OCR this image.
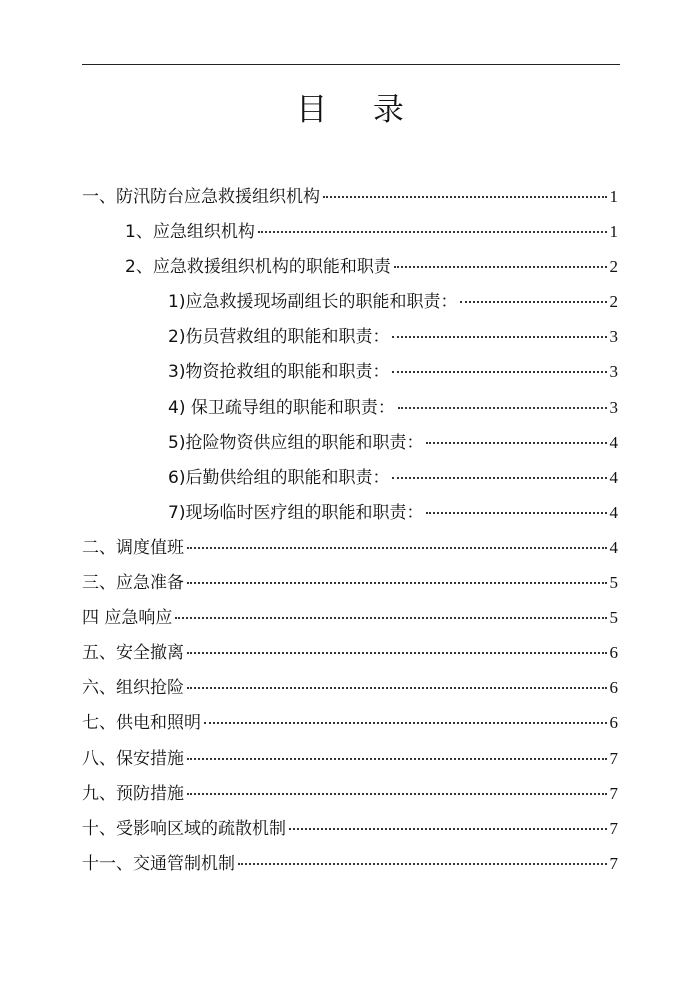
目 录
一、防汛防台应急救援组织机构	1
1、应急组织机构	1
2、应急救援组织机构的职能和职责	2
1)应急救援现场副组长的职能和职责：	2
2)伤员营救组的职能和职责：	3
3)物资抢救组的职能和职责：	3
4) 保卫疏导组的职能和职责：	3
5)抢险物资供应组的职能和职责：	4
6)后勤供给组的职能和职责：	4
7)现场临时医疗组的职能和职责：	4
二、调度值班	4
三、应急准备	5
四 应急响应	5
五、安全撤离	6
六、组织抢险	6
七、供电和照明	6
八、保安措施	7
九、预防措施	7
十、受影响区域的疏散机制	7
十一、交通管制机制	7
